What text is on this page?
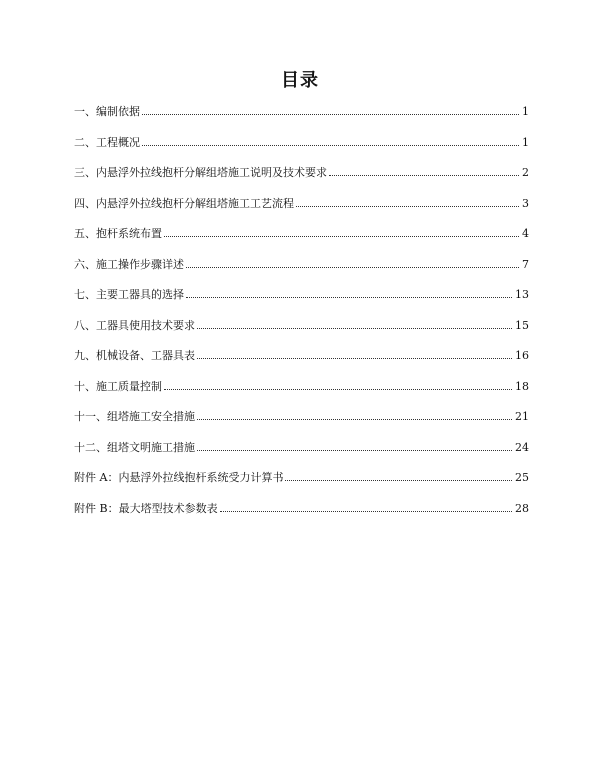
目录
一、编制依据	1
二、工程概况	1
三、内悬浮外拉线抱杆分解组塔施工说明及技术要求	2
四、内悬浮外拉线抱杆分解组塔施工工艺流程	3
五、抱杆系统布置	4
六、施工操作步骤详述	7
七、主要工器具的选择	13
八、工器具使用技术要求	15
九、机械设备、工器具表	16
十、施工质量控制	18
十一、组塔施工安全措施	21
十二、组塔文明施工措施	24
附件 A：内悬浮外拉线抱杆系统受力计算书	25
附件 B：最大塔型技术参数表	28
